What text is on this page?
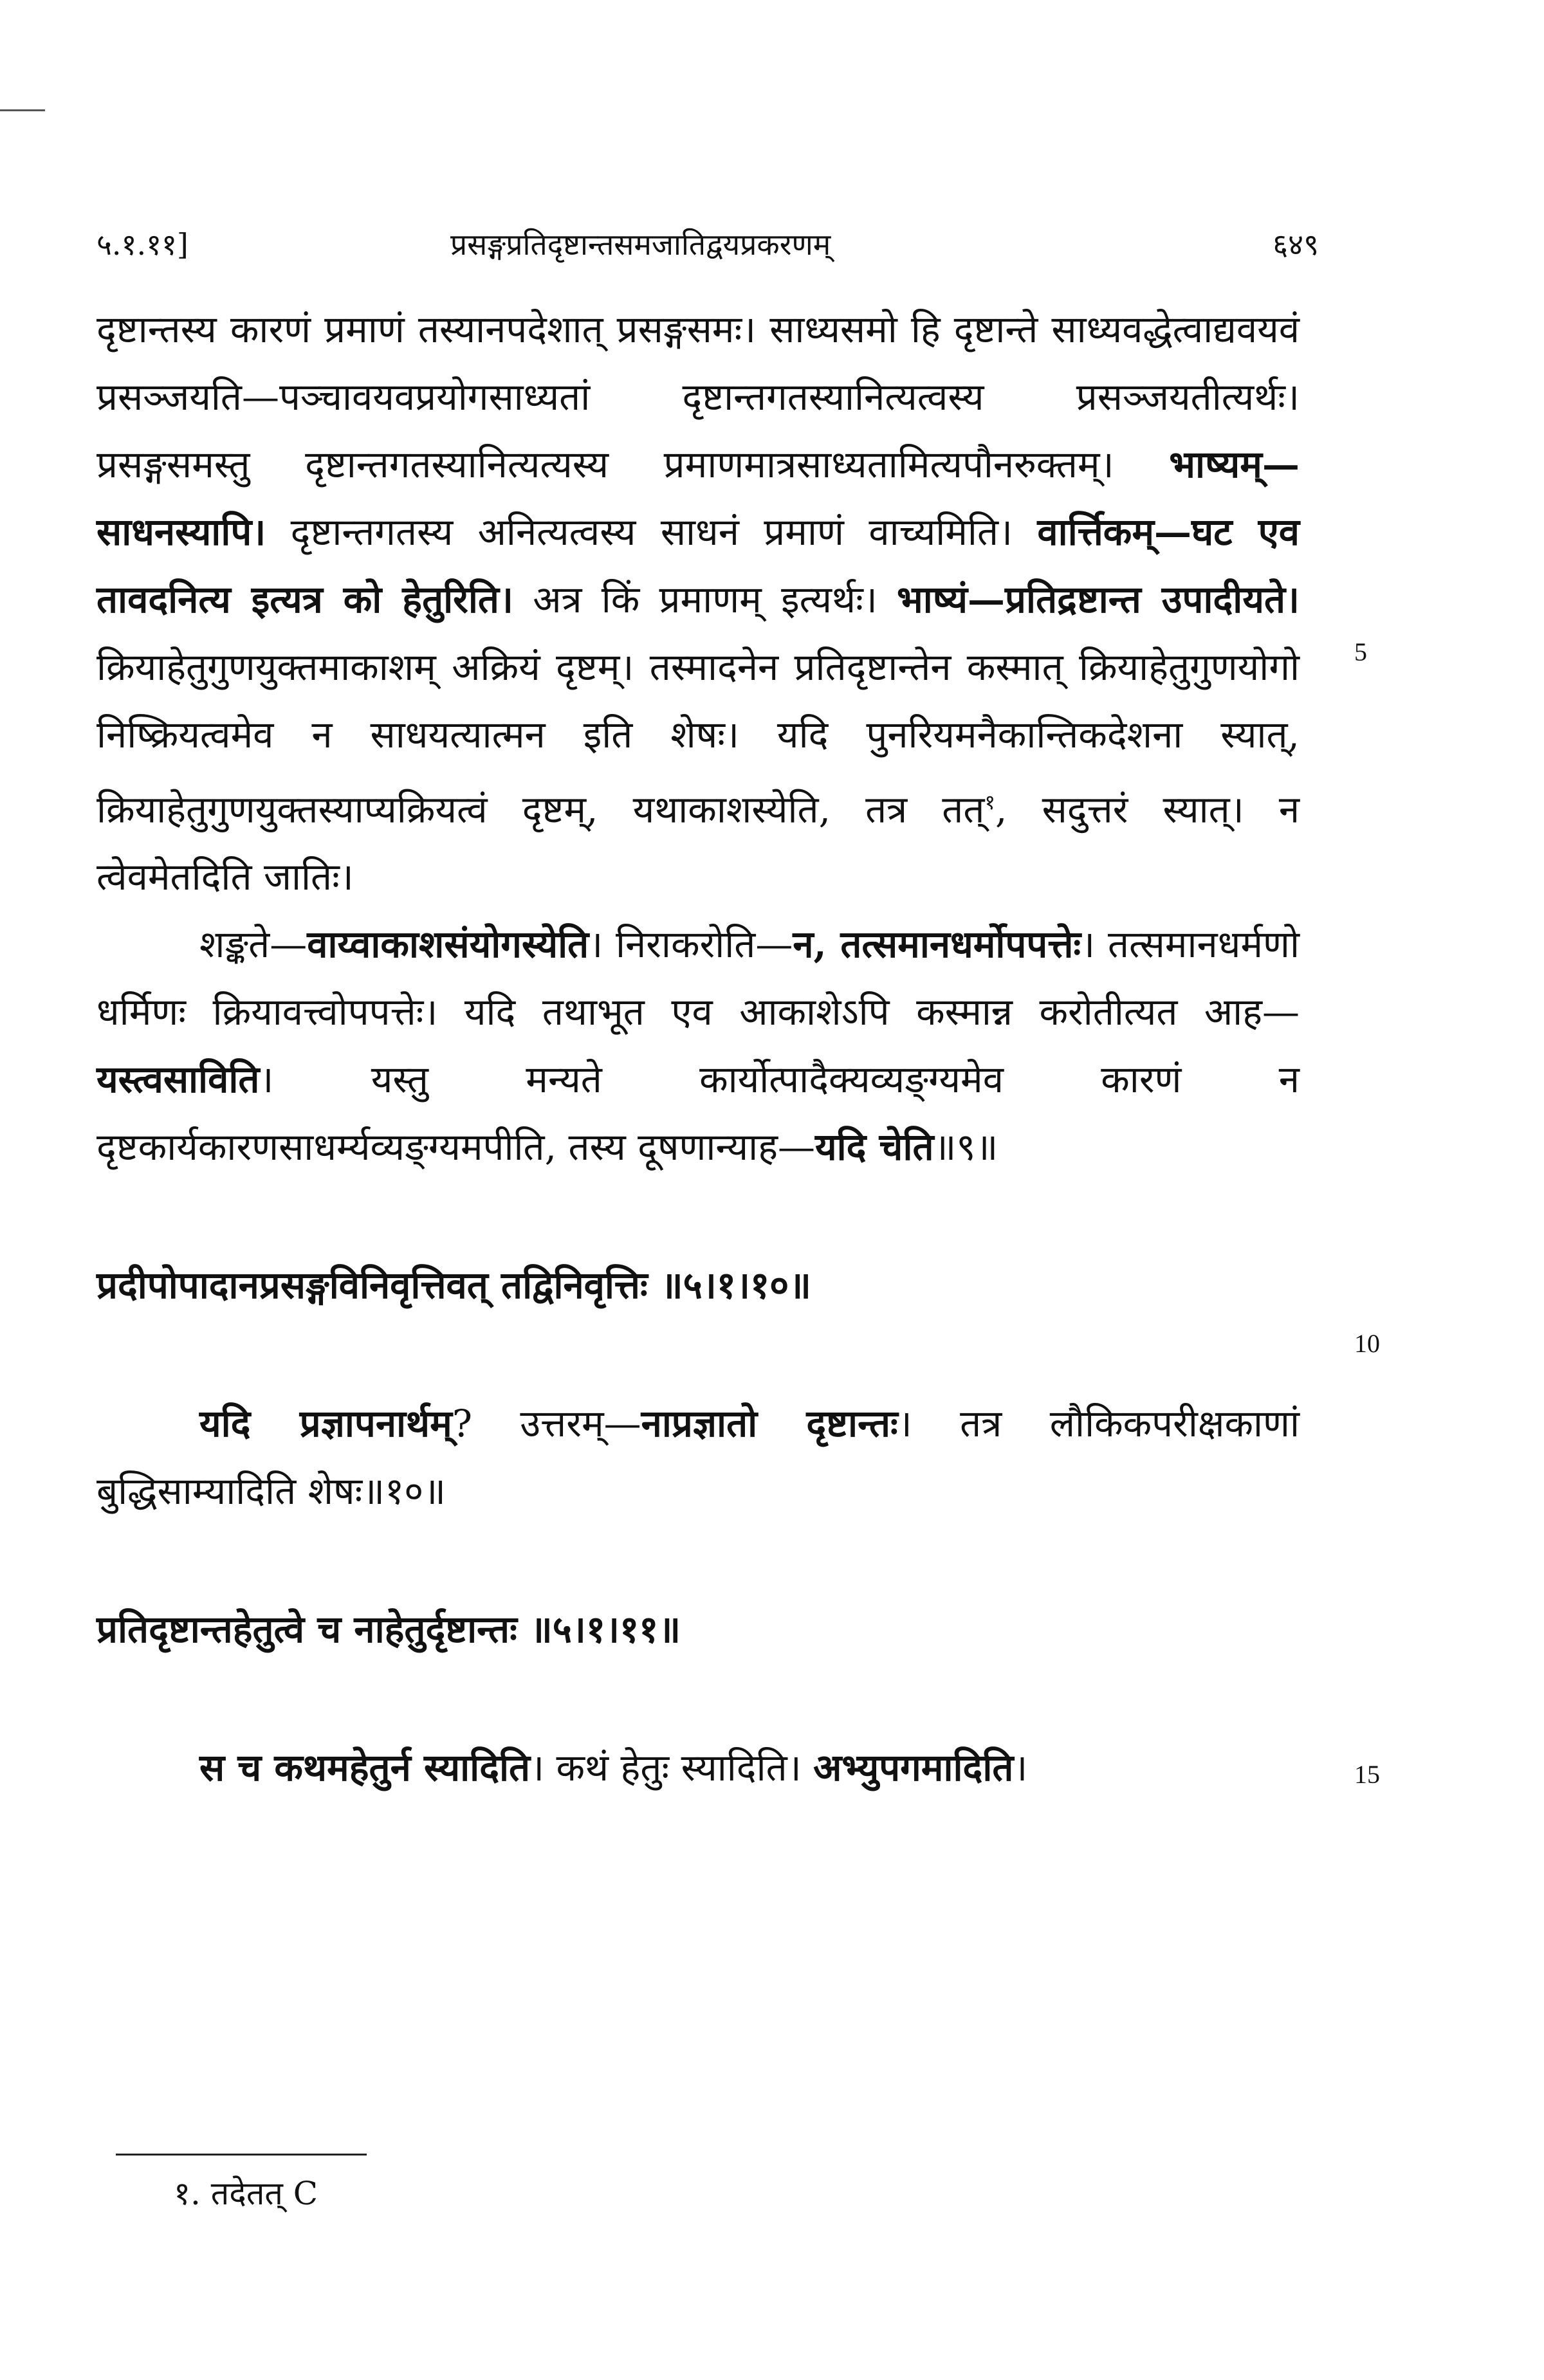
५.१.११]	प्रसङ्गप्रतिदृष्टान्तसमजातिद्वयप्रकरणम्	६४९

दृष्टान्तस्य कारणं प्रमाणं तस्यानपदेशात् प्रसङ्गसमः। साध्यसमो हि दृष्टान्ते साध्यवद्धेत्वाद्यवयवं प्रसञ्जयति—पञ्चावयवप्रयोगसाध्यतां दृष्टान्तगतस्यानित्यत्वस्य प्रसञ्जयतीत्यर्थः। प्रसङ्गसमस्तु दृष्टान्तगतस्यानित्यत्यस्य प्रमाणमात्रसाध्यतामित्यपौनरुक्तम्। भाष्यम्—साधनस्यापि। दृष्टान्तगतस्य अनित्यत्वस्य साधनं प्रमाणं वाच्यमिति। वार्त्तिकम्—घट एव तावदनित्य इत्यत्र को हेतुरिति। अत्र किं प्रमाणम् इत्यर्थः। भाष्यं—प्रतिद्रष्टान्त उपादीयते। क्रियाहेतुगुणयुक्तमाकाशम् अक्रियं दृष्टम्। तस्मादनेन प्रतिदृष्टान्तेन कस्मात् क्रियाहेतुगुणयोगो निष्क्रियत्वमेव न साधयत्यात्मन इति शेषः। यदि पुनरियमनैकान्तिकदेशना स्यात्, क्रियाहेतुगुणयुक्तस्याप्यक्रियत्वं दृष्टम्, यथाकाशस्येति, तत्र तत्$^१$, सदुत्तरं स्यात्। न त्वेवमेतदिति जातिः।

शङ्कते—वाय्वाकाशसंयोगस्येति। निराकरोति—न, तत्समानधर्मोपपत्तेः। तत्समानधर्मणो धर्मिणः क्रियावत्त्वोपपत्तेः। यदि तथाभूत एव आकाशेऽपि कस्मान्न करोतीत्यत आह—यस्त्वसाविति। यस्तु मन्यते कार्योत्पादैक्यव्यङ्ग्यमेव कारणं न दृष्टकार्यकारणसाधर्म्यव्यङ्ग्यमपीति, तस्य दूषणान्याह—यदि चेति॥९॥

प्रदीपोपादानप्रसङ्गविनिवृत्तिवत् तद्विनिवृत्तिः ॥५।१।१०॥

यदि प्रज्ञापनार्थम्? उत्तरम्—नाप्रज्ञातो दृष्टान्तः। तत्र लौकिकपरीक्षकाणां बुद्धिसाम्यादिति शेषः॥१०॥

प्रतिदृष्टान्तहेतुत्वे च नाहेतुर्दृष्टान्तः ॥५।१।११॥

स च कथमहेतुर्न स्यादिति। कथं हेतुः स्यादिति। अभ्युपगमादिति।

5
10
15
१. तदेतत् C
